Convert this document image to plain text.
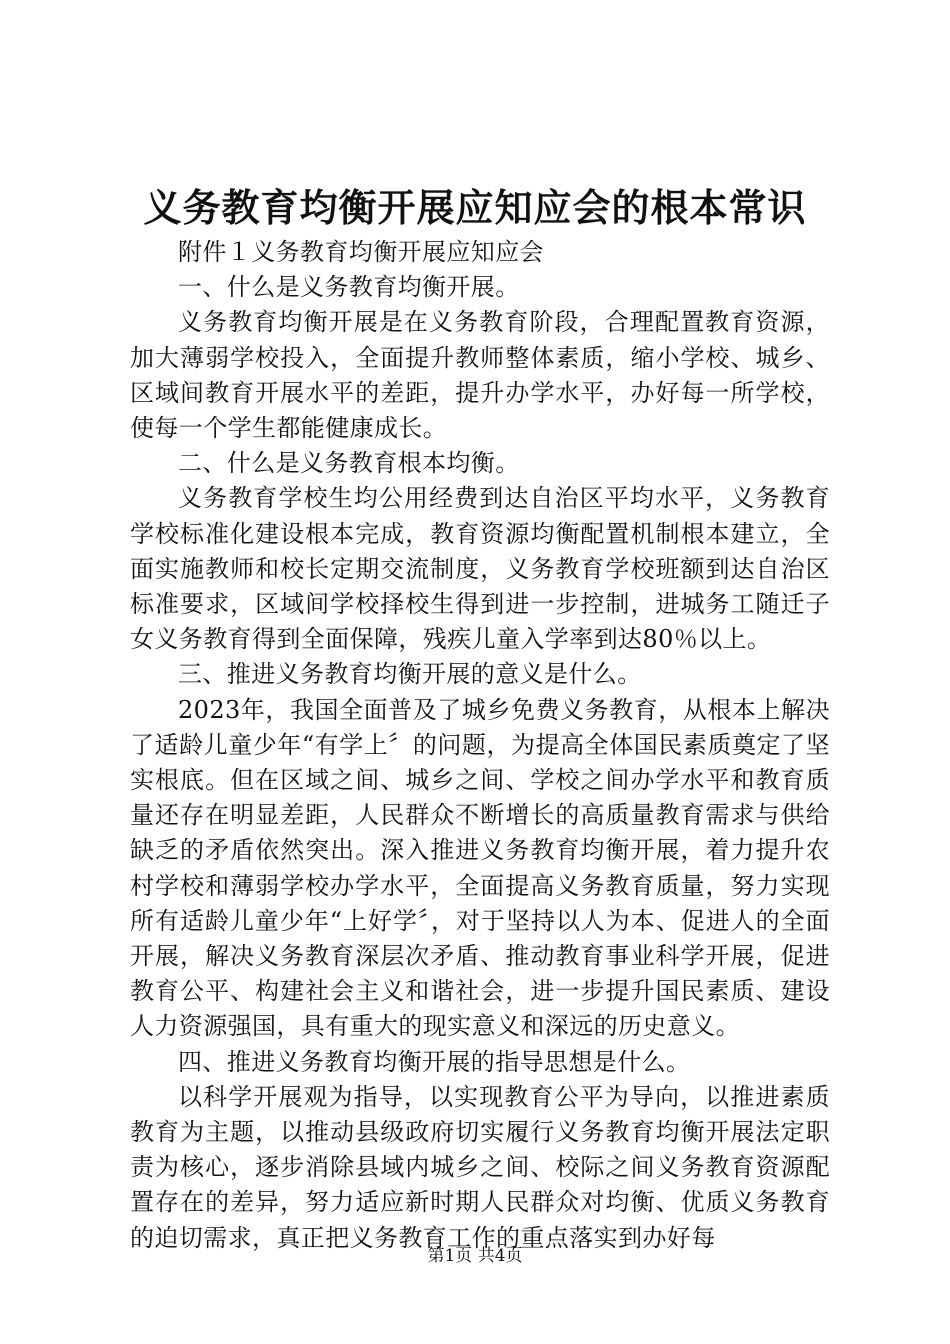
义务教育均衡开展应知应会的根本常识

附件１义务教育均衡开展应知应会

一、什么是义务教育均衡开展。

义务教育均衡开展是在义务教育阶段，合理配置教育资源，加大薄弱学校投入，全面提升教师整体素质，缩小学校、城乡、区域间教育开展水平的差距，提升办学水平，办好每一所学校，使每一个学生都能健康成长。

二、什么是义务教育根本均衡。

义务教育学校生均公用经费到达自治区平均水平，义务教育学校标准化建设根本完成，教育资源均衡配置机制根本建立，全面实施教师和校长定期交流制度，义务教育学校班额到达自治区标准要求，区域间学校择校生得到进一步控制，进城务工随迁子女义务教育得到全面保障，残疾儿童入学率到达80％以上。

三、推进义务教育均衡开展的意义是什么。

2023年，我国全面普及了城乡免费义务教育，从根本上解决了适龄儿童少年“有学上〞的问题，为提高全体国民素质奠定了坚实根底。但在区域之间、城乡之间、学校之间办学水平和教育质量还存在明显差距，人民群众不断增长的高质量教育需求与供给缺乏的矛盾依然突出。深入推进义务教育均衡开展，着力提升农村学校和薄弱学校办学水平，全面提高义务教育质量，努力实现所有适龄儿童少年“上好学〞，对于坚持以人为本、促进人的全面开展，解决义务教育深层次矛盾、推动教育事业科学开展，促进教育公平、构建社会主义和谐社会，进一步提升国民素质、建设人力资源强国，具有重大的现实意义和深远的历史意义。

四、推进义务教育均衡开展的指导思想是什么。

以科学开展观为指导，以实现教育公平为导向，以推进素质教育为主题，以推动县级政府切实履行义务教育均衡开展法定职责为核心，逐步消除县域内城乡之间、校际之间义务教育资源配置存在的差异，努力适应新时期人民群众对均衡、优质义务教育的迫切需求，真正把义务教育工作的重点落实到办好每

第1页 共4页
